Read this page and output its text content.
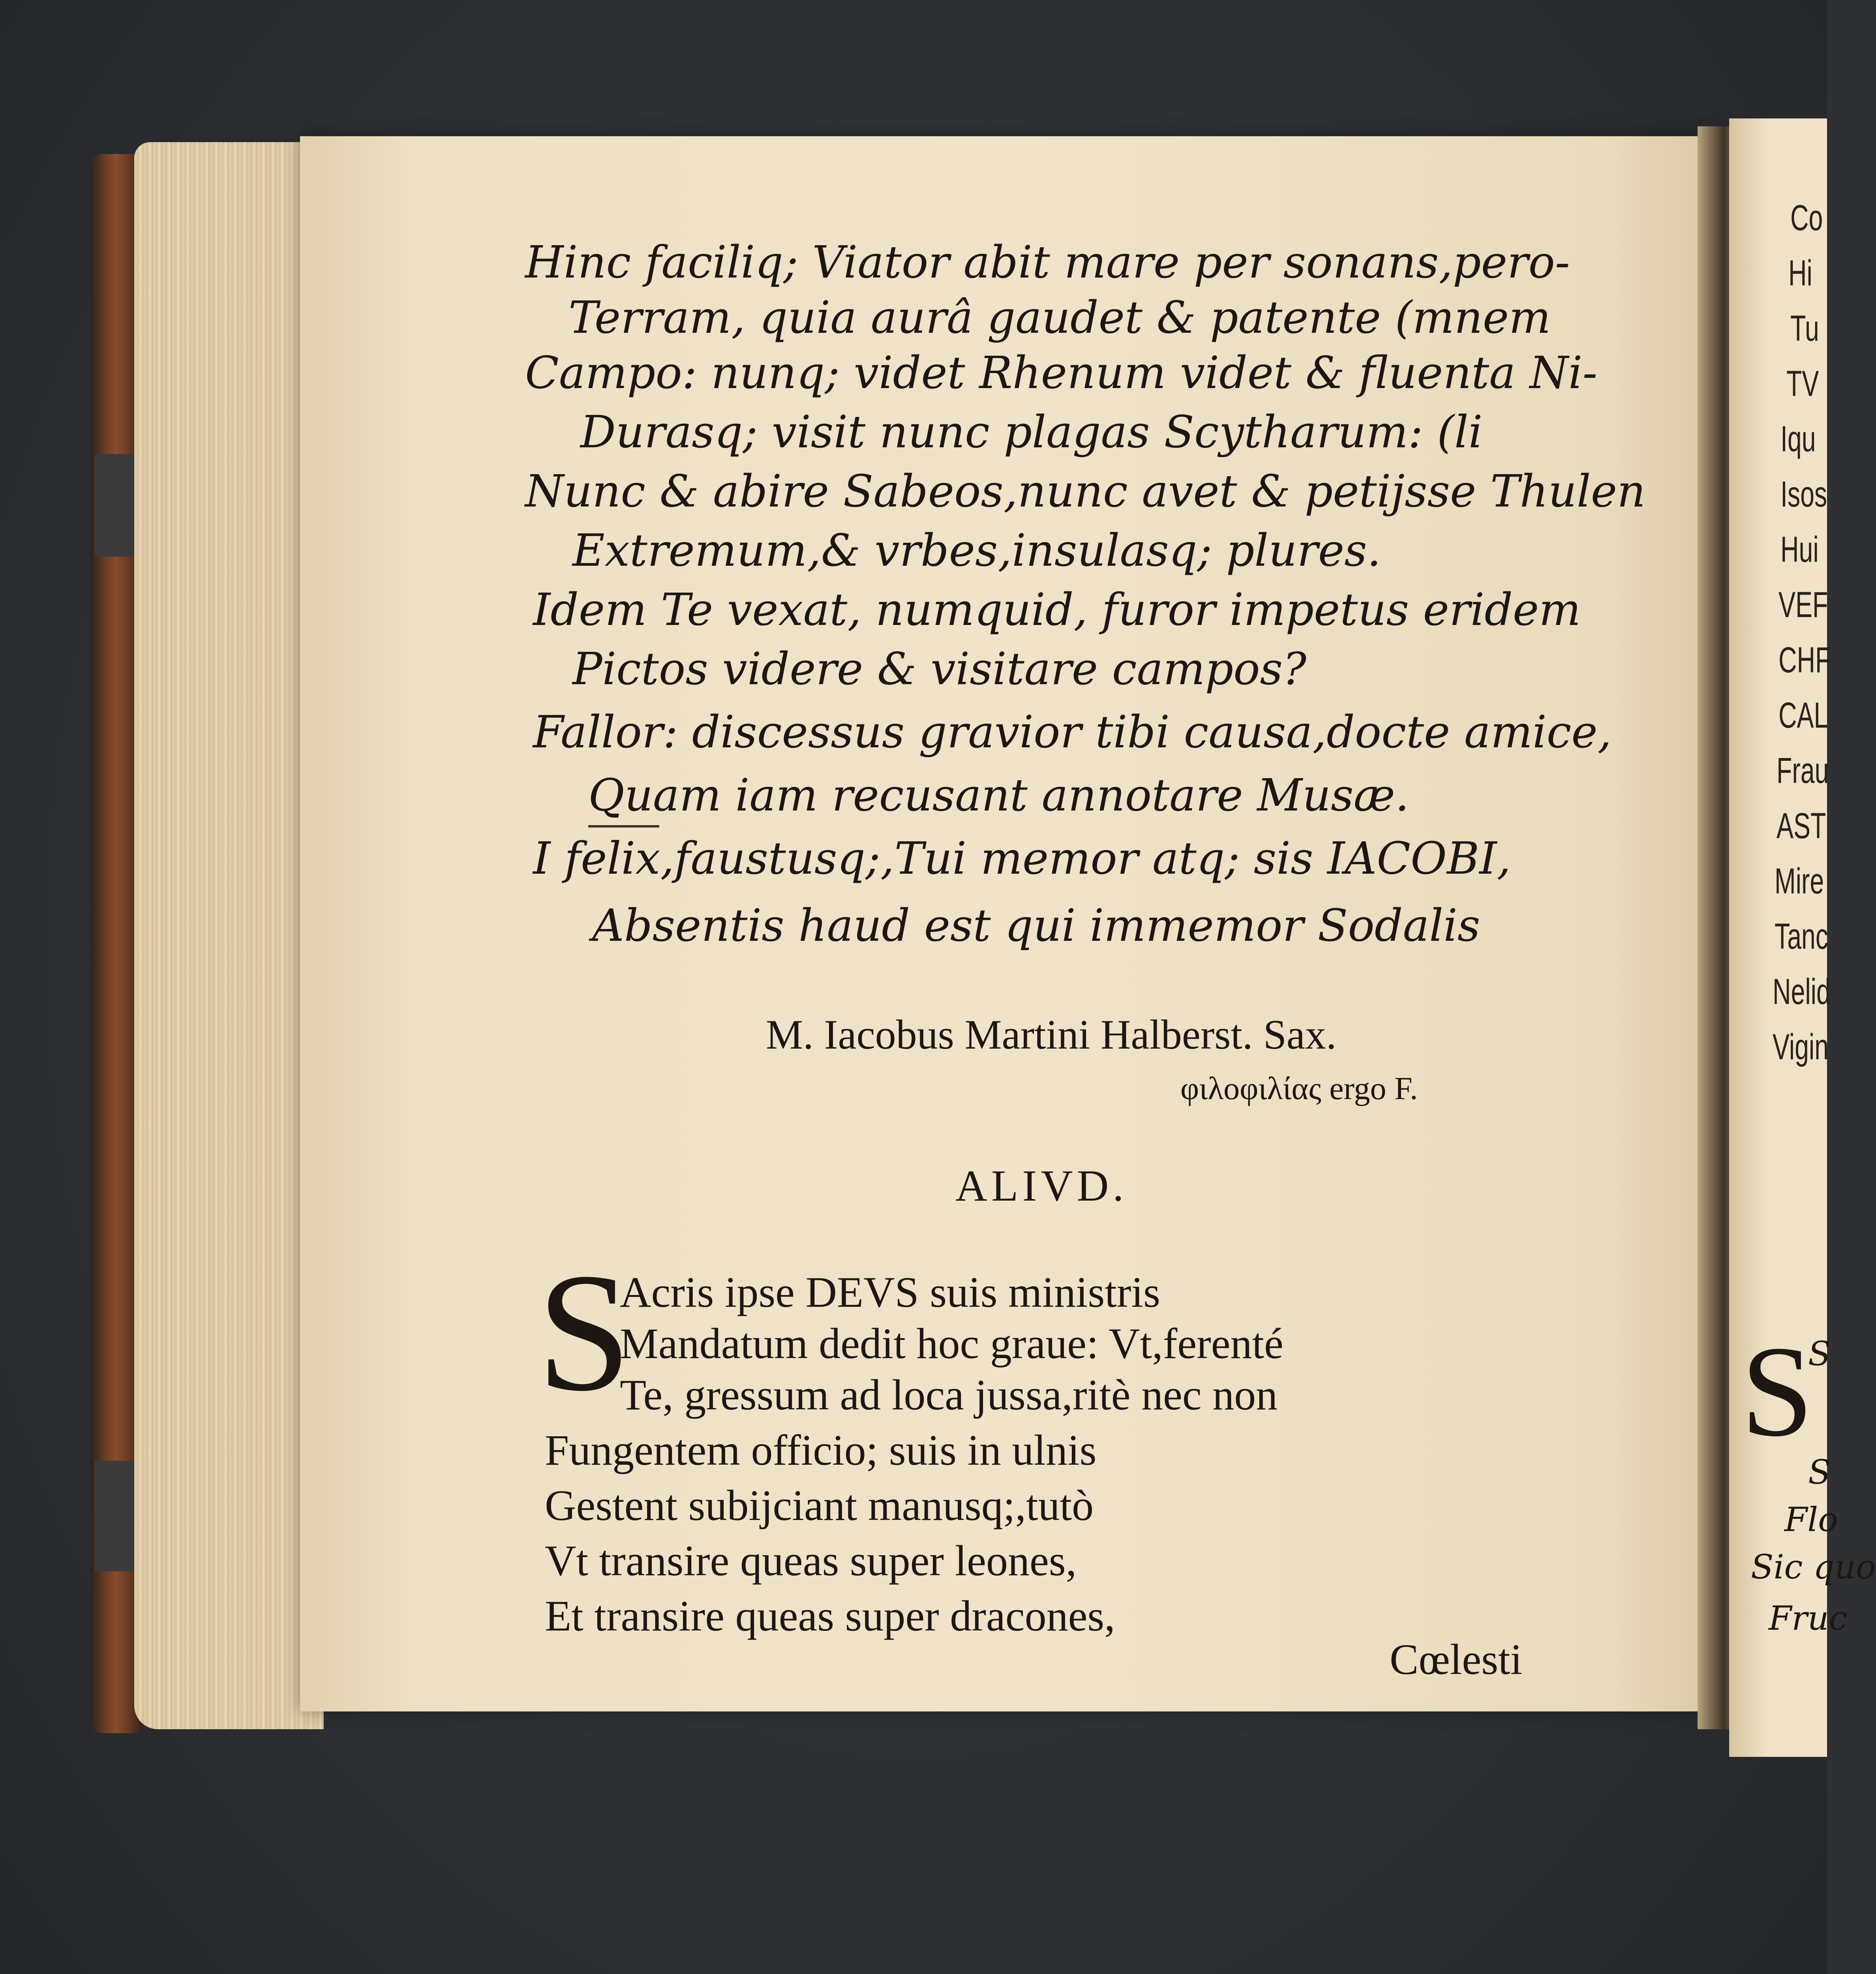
Hinc faciliq; Viator abit mare per sonans,pero-
Terram, quia aurâ gaudet & patente (mnem
Campo: nunq; videt Rhenum videt & fluenta Ni-
Durasq; visit nunc plagas Scytharum: (li
Nunc & abire Sabeos,nunc avet & petijsse Thulen
Extremum,& vrbes,insulasq; plures.
Idem Te vexat, numquid, furor impetus eridem
Pictos videre & visitare campos?
Fallor: discessus gravior tibi causa,docte amice,
Quam iam recusant annotare Musæ.
I felix,faustusq;,Tui memor atq; sis IACOBI,
Absentis haud est qui immemor Sodalis
M. Iacobus Martini Halberst. Sax.
φιλοφιλίας ergo F.
ALIVD.
S
Acris ipse DEVS suis ministris
Mandatum dedit hoc graue: Vt,ferenté
Te, gressum ad loca jussa,ritè nec non
Fungentem officio; suis in ulnis
Gestent subijciant manusq;,tutò
Vt transire queas super leones,
Et transire queas super dracones,
Cœlesti
Co
Hi
Tu
TV
Iqu
Isos
Hui
VEF
CHF
CAL
Frau
AST
Mire
Tanc
Nelid
Vigin
S
S
S
Flo
Sic quo
Fruc
